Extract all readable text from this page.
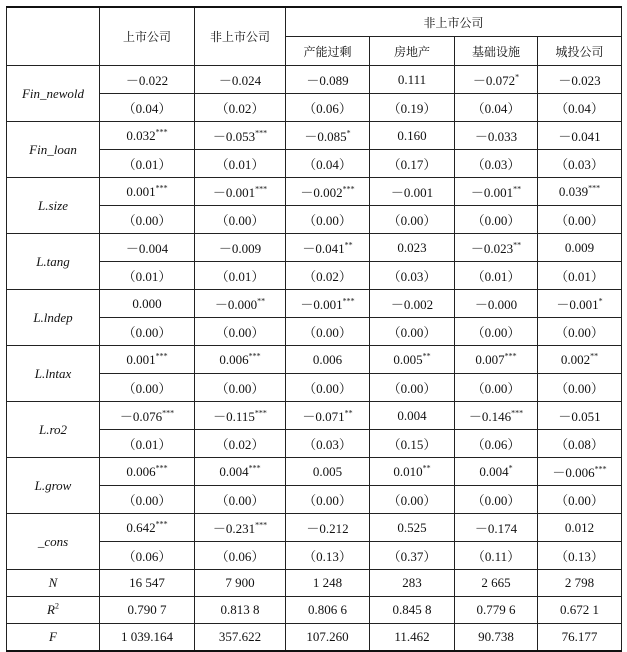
	上市公司	非上市公司	非上市公司			
			产能过剩	房地产	基础设施	城投公司
Fin_newold	－0.022	－0.024	－0.089	0.111	－0.072*	－0.023
	（0.04）	（0.02）	（0.06）	（0.19）	（0.04）	（0.04）
Fin_loan	0.032***	－0.053***	－0.085*	0.160	－0.033	－0.041
	（0.01）	（0.01）	（0.04）	（0.17）	（0.03）	（0.03）
L.size	0.001***	－0.001***	－0.002***	－0.001	－0.001**	0.039***
	（0.00）	（0.00）	（0.00）	（0.00）	（0.00）	（0.00）
L.tang	－0.004	－0.009	－0.041**	0.023	－0.023**	0.009
	（0.01）	（0.01）	（0.02）	（0.03）	（0.01）	（0.01）
L.lndep	0.000	－0.000**	－0.001***	－0.002	－0.000	－0.001*
	（0.00）	（0.00）	（0.00）	（0.00）	（0.00）	（0.00）
L.lntax	0.001***	0.006***	0.006	0.005**	0.007***	0.002**
	（0.00）	（0.00）	（0.00）	（0.00）	（0.00）	（0.00）
L.ro2	－0.076***	－0.115***	－0.071**	0.004	－0.146***	－0.051
	（0.01）	（0.02）	（0.03）	（0.15）	（0.06）	（0.08）
L.grow	0.006***	0.004***	0.005	0.010**	0.004*	－0.006***
	（0.00）	（0.00）	（0.00）	（0.00）	（0.00）	（0.00）
_cons	0.642***	－0.231***	－0.212	0.525	－0.174	0.012
	（0.06）	（0.06）	（0.13）	（0.37）	（0.11）	（0.13）
N	16 547	7 900	1 248	283	2 665	2 798
$R^2$	0.790 7	0.813 8	0.806 6	0.845 8	0.779 6	0.672 1
F	1 039.164	357.622	107.260	11.462	90.738	76.177
